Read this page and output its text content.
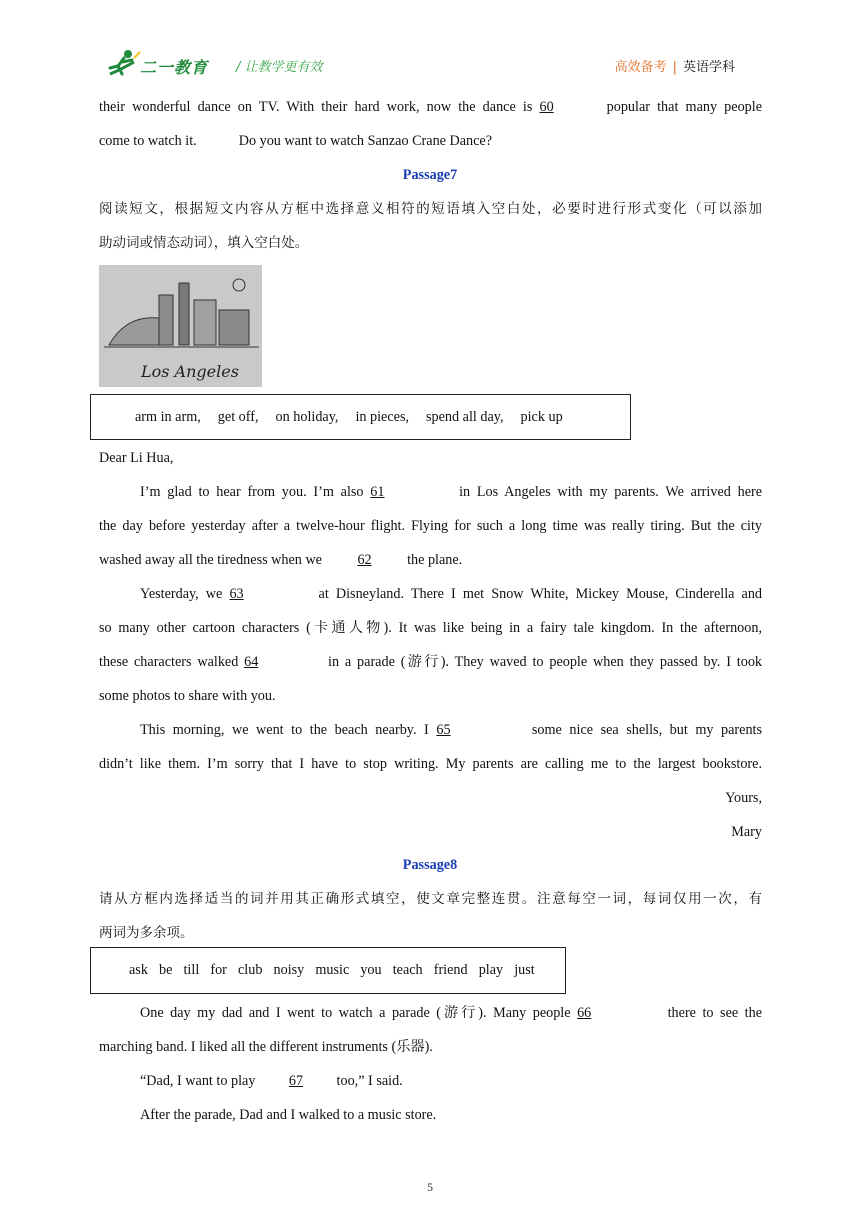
二一教育 / 让教学更有效	高效备考 | 英语学科
their wonderful dance on TV. With their hard work, now the dance is 60	popular that many people
come to watch it.	Do you want to watch Sanzao Crane Dance?
Passage7
阅读短文，根据短文内容从方框中选择意义相符的短语填入空白处，必要时进行形式变化（可以添加
助动词或情态动词），填入空白处。
Los Angeles
arm in arm, get off, on holiday, in pieces, spend all day, pick up
Dear Li Hua,
I’m glad to hear from you. I’m also 61	in Los Angeles with my parents. We arrived here
the day before yesterday after a twelve-hour flight. Flying for such a long time was really tiring. But the city
washed away all the tiredness when we 62 the plane.
Yesterday, we 63	at Disneyland. There I met Snow White, Mickey Mouse, Cinderella and
so many other cartoon characters (卡通人物). It was like being in a fairy tale kingdom. In the afternoon,
these characters walked 64	in a parade (游行). They waved to people when they passed by. I took
some photos to share with you.
This morning, we went to the beach nearby. I 65	some nice sea shells, but my parents
didn’t like them. I’m sorry that I have to stop writing. My parents are calling me to the largest bookstore.
Yours,
Mary
Passage8
请从方框内选择适当的词并用其正确形式填空，使文章完整连贯。注意每空一词，每词仅用一次，有
两词为多余项。
ask  be  till  for  club  noisy  music  you  teach  friend  play  just
One day my dad and I went to watch a parade (游行). Many people 66	there to see the
marching band. I liked all the different instruments (乐器).
“Dad, I want to play 67 too,” I said.
After the parade, Dad and I walked to a music store.
5
